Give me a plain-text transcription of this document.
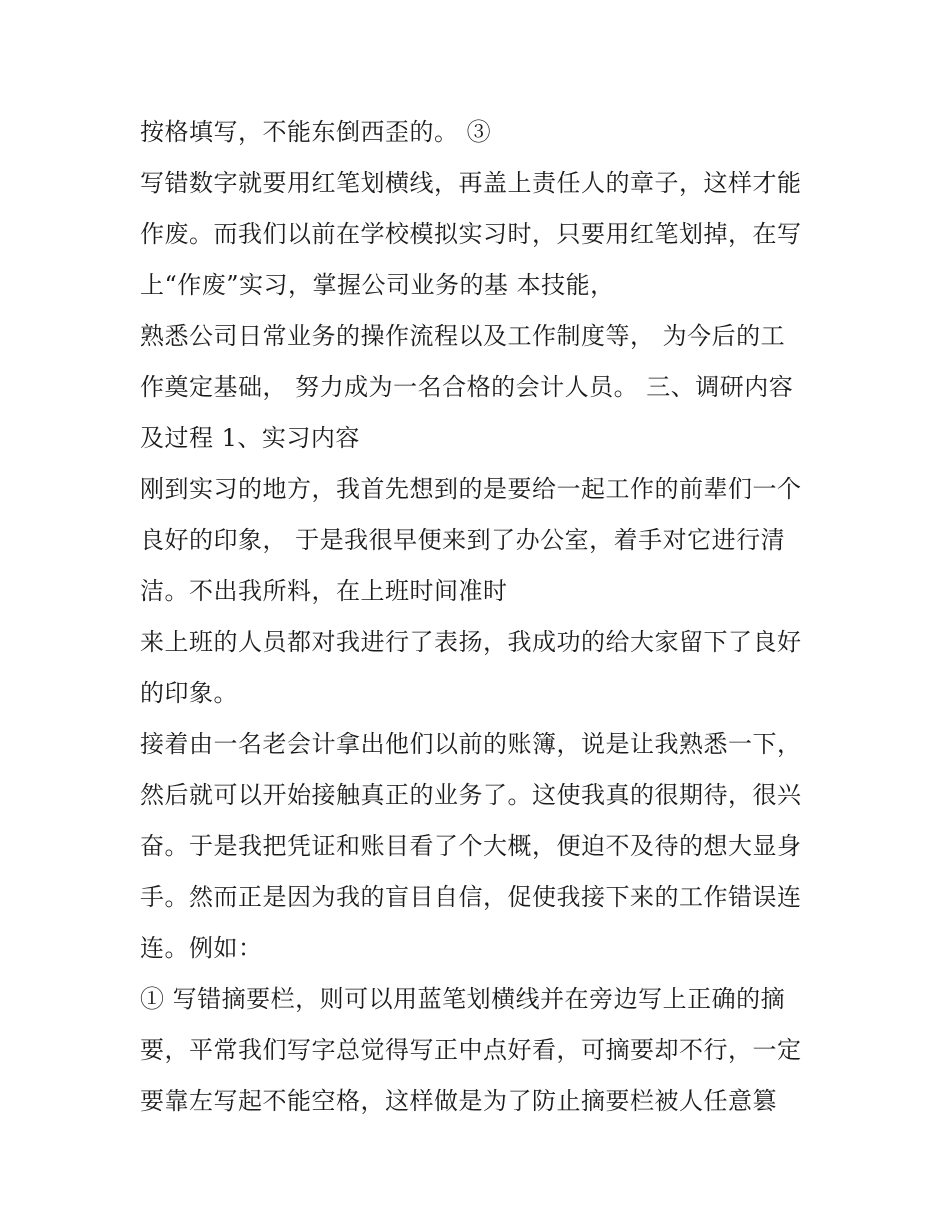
按格填写，不能东倒西歪的。 ③
写错数字就要用红笔划横线，再盖上责任人的章子，这样才能
作废。而我们以前在学校模拟实习时，只要用红笔划掉，在写
上“作废”实习，掌握公司业务的基 本技能，
熟悉公司日常业务的操作流程以及工作制度等， 为今后的工
作奠定基础， 努力成为一名合格的会计人员。 三、调研内容
及过程 1、实习内容
刚到实习的地方，我首先想到的是要给一起工作的前辈们一个
良好的印象， 于是我很早便来到了办公室，着手对它进行清
洁。不出我所料，在上班时间准时
来上班的人员都对我进行了表扬，我成功的给大家留下了良好
的印象。
接着由一名老会计拿出他们以前的账簿，说是让我熟悉一下，
然后就可以开始接触真正的业务了。这使我真的很期待，很兴
奋。于是我把凭证和账目看了个大概，便迫不及待的想大显身
手。然而正是因为我的盲目自信，促使我接下来的工作错误连
连。例如：
① 写错摘要栏，则可以用蓝笔划横线并在旁边写上正确的摘
要，平常我们写字总觉得写正中点好看，可摘要却不行，一定
要靠左写起不能空格，这样做是为了防止摘要栏被人任意篡
